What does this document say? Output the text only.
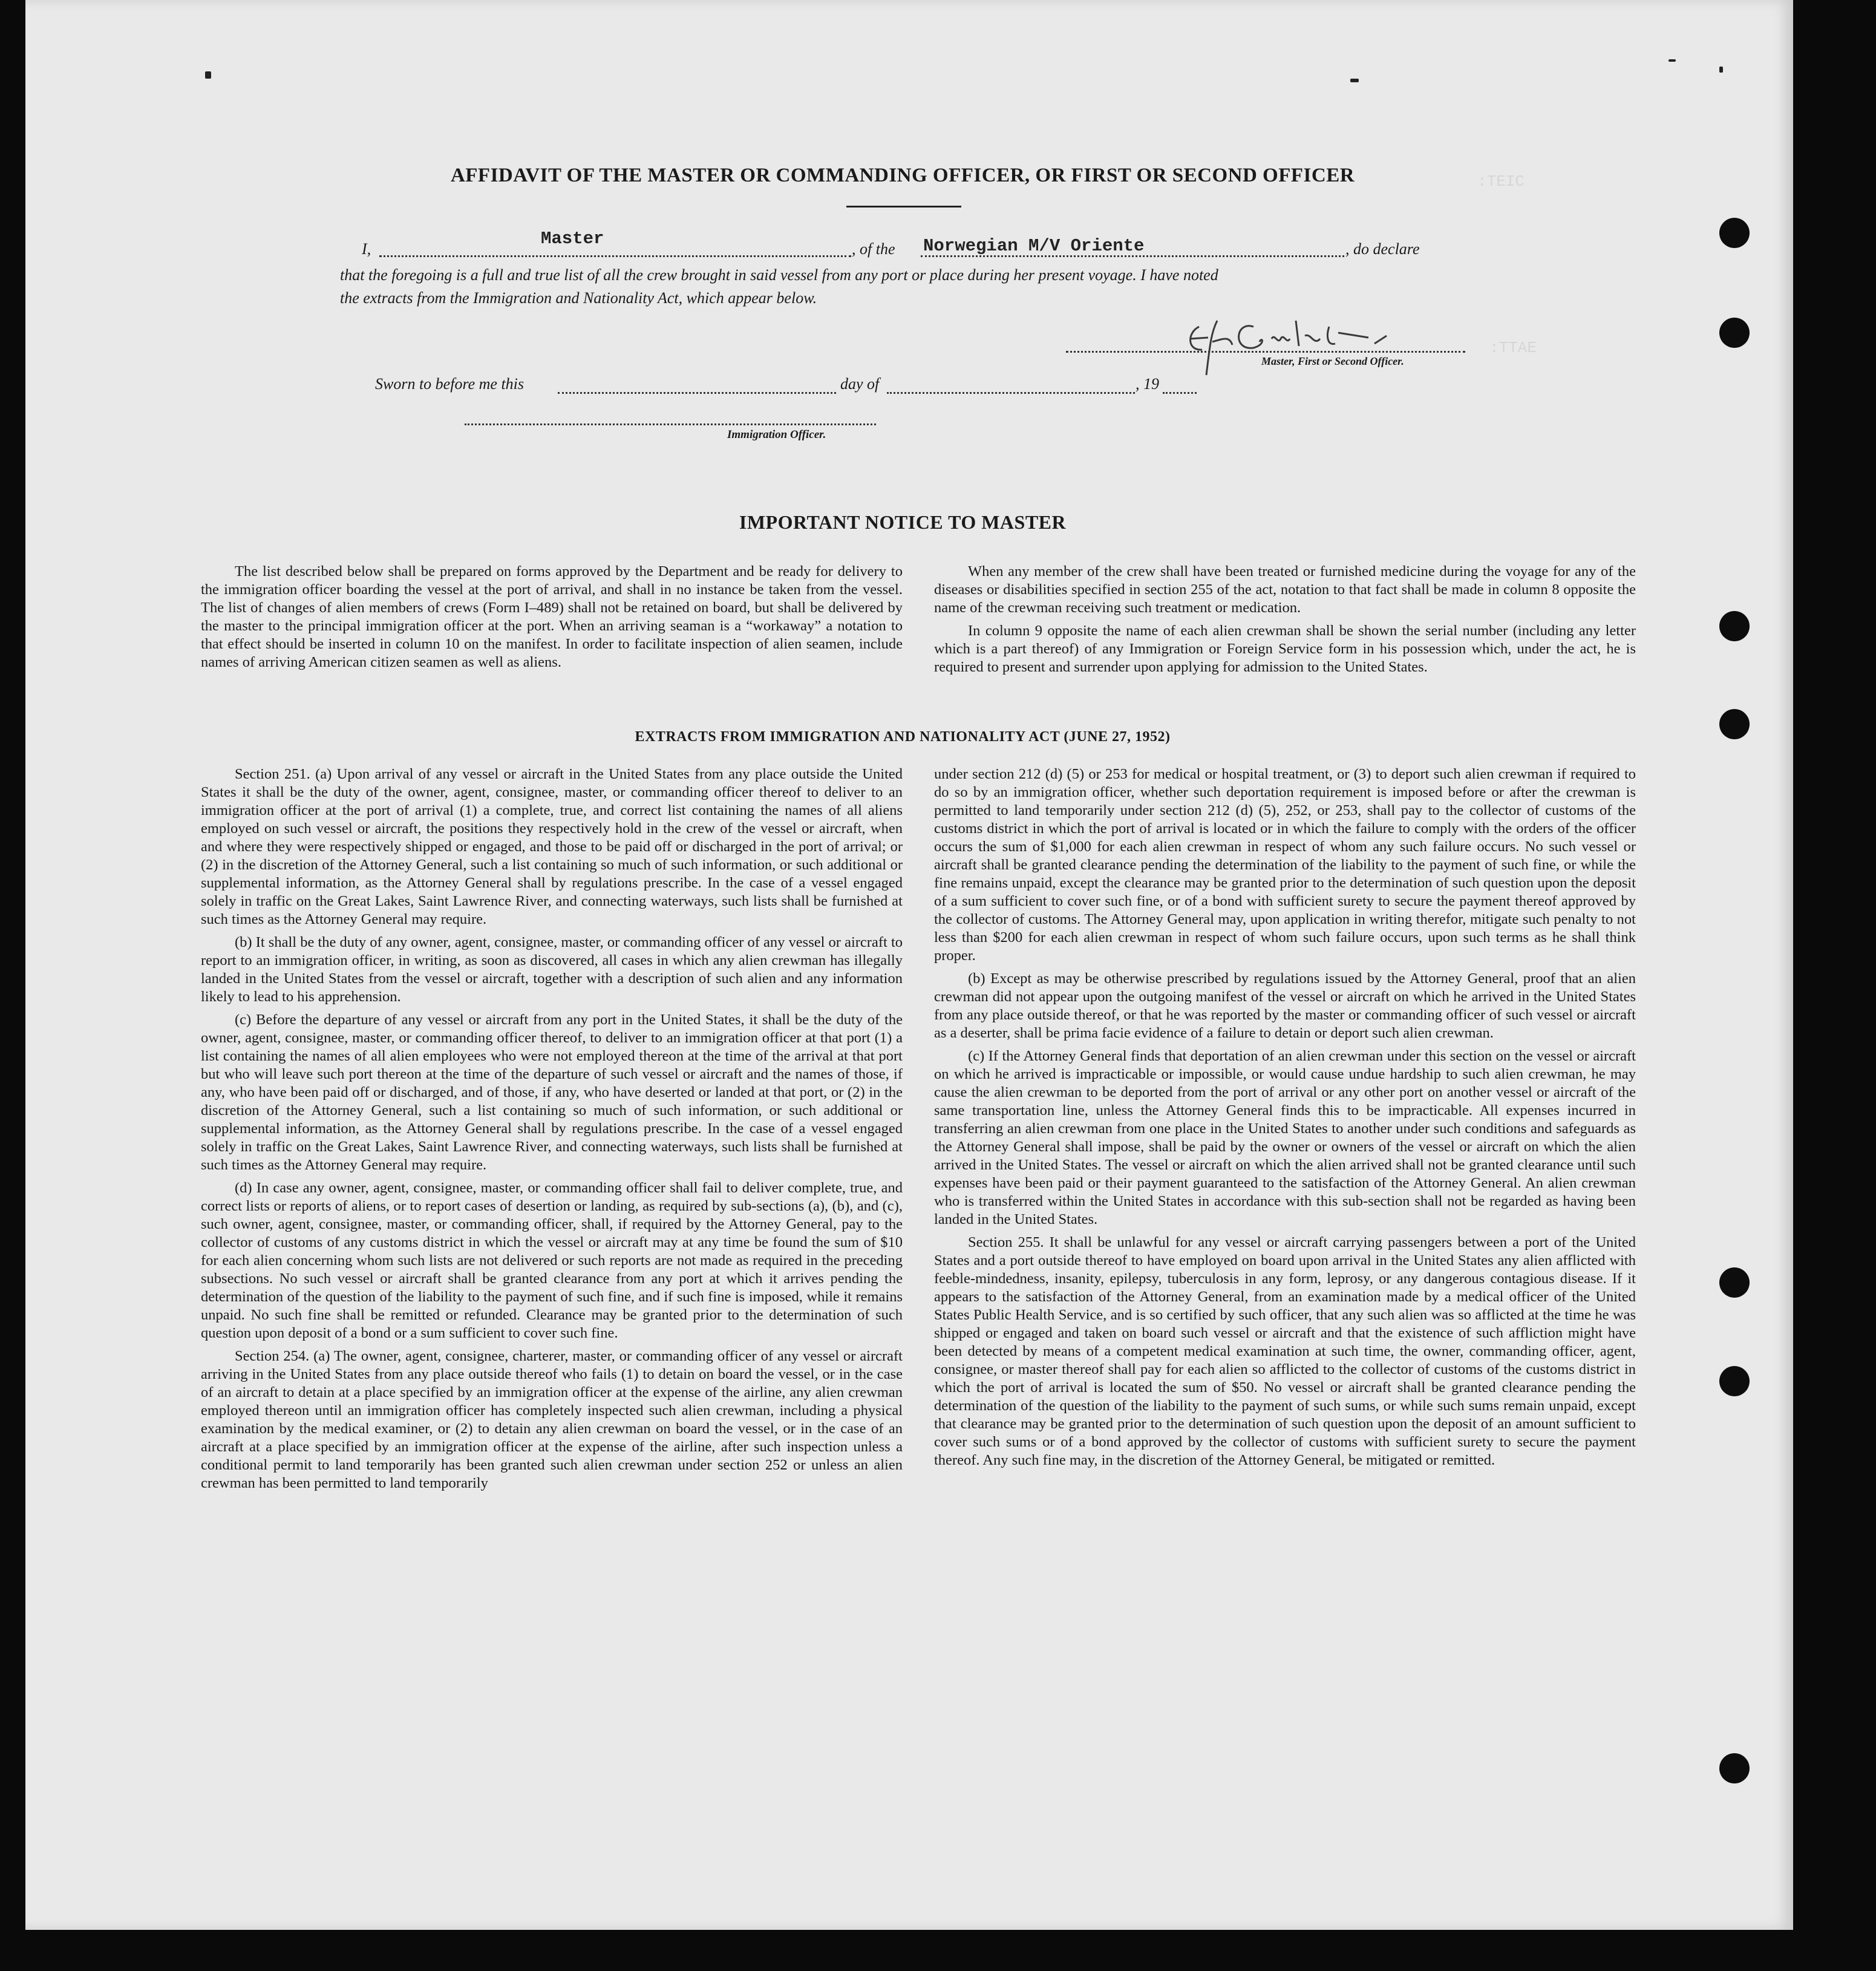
:TEIC
:TTAE
AFFIDAVIT OF THE MASTER OR COMMANDING OFFICER, OR FIRST OR SECOND OFFICER
I,
Master
, of the Norwegian M/V Oriente	, do declare
that the foregoing is a full and true list of all the crew brought in said vessel from any port or place during her present voyage. I have noted
the extracts from the Immigration and Nationality Act, which appear below.
Master, First or Second Officer.
Sworn to before me this	day of	, 19
Immigration Officer.
IMPORTANT NOTICE TO MASTER

The list described below shall be prepared on forms approved by the Department and be ready for delivery to the immigration officer boarding the vessel at the port of arrival, and shall in no instance be taken from the vessel. The list of changes of alien members of crews (Form I–489) shall not be retained on board, but shall be delivered by the master to the principal immigration officer at the port. When an arriving seaman is a “workaway” a notation to that effect should be inserted in column 10 on the manifest. In order to facilitate inspection of alien seamen, include names of arriving American citizen seamen as well as aliens.

When any member of the crew shall have been treated or furnished medicine during the voyage for any of the diseases or disabilities specified in section 255 of the act, notation to that fact shall be made in column 8 opposite the name of the crewman receiving such treatment or medication.

In column 9 opposite the name of each alien crewman shall be shown the serial number (including any letter which is a part thereof) of any Immigration or Foreign Service form in his possession which, under the act, he is required to present and surrender upon applying for admission to the United States.

EXTRACTS FROM IMMIGRATION AND NATIONALITY ACT (JUNE 27, 1952)

Section 251. (a) Upon arrival of any vessel or aircraft in the United States from any place outside the United States it shall be the duty of the owner, agent, consignee, master, or commanding officer thereof to deliver to an immigration officer at the port of arrival (1) a complete, true, and correct list containing the names of all aliens employed on such vessel or aircraft, the positions they respectively hold in the crew of the vessel or aircraft, when and where they were respectively shipped or engaged, and those to be paid off or discharged in the port of arrival; or (2) in the discretion of the Attorney General, such a list containing so much of such information, or such additional or supplemental information, as the Attorney General shall by regulations prescribe. In the case of a vessel engaged solely in traffic on the Great Lakes, Saint Lawrence River, and connecting waterways, such lists shall be furnished at such times as the Attorney General may require.

(b) It shall be the duty of any owner, agent, consignee, master, or commanding officer of any vessel or aircraft to report to an immigration officer, in writing, as soon as discovered, all cases in which any alien crewman has illegally landed in the United States from the vessel or aircraft, together with a description of such alien and any information likely to lead to his apprehension.

(c) Before the departure of any vessel or aircraft from any port in the United States, it shall be the duty of the owner, agent, consignee, master, or commanding officer thereof, to deliver to an immigration officer at that port (1) a list containing the names of all alien employees who were not employed thereon at the time of the arrival at that port but who will leave such port thereon at the time of the departure of such vessel or aircraft and the names of those, if any, who have been paid off or discharged, and of those, if any, who have deserted or landed at that port, or (2) in the discretion of the Attorney General, such a list containing so much of such information, or such additional or supplemental information, as the Attorney General shall by regulations prescribe. In the case of a vessel engaged solely in traffic on the Great Lakes, Saint Lawrence River, and connecting waterways, such lists shall be furnished at such times as the Attorney General may require.

(d) In case any owner, agent, consignee, master, or commanding officer shall fail to deliver complete, true, and correct lists or reports of aliens, or to report cases of desertion or landing, as required by sub-sections (a), (b), and (c), such owner, agent, consignee, master, or commanding officer, shall, if required by the Attorney General, pay to the collector of customs of any customs district in which the vessel or aircraft may at any time be found the sum of $10 for each alien concerning whom such lists are not delivered or such reports are not made as required in the preceding subsections. No such vessel or aircraft shall be granted clearance from any port at which it arrives pending the determination of the question of the liability to the payment of such fine, and if such fine is imposed, while it remains unpaid. No such fine shall be remitted or refunded. Clearance may be granted prior to the determination of such question upon deposit of a bond or a sum sufficient to cover such fine.

Section 254. (a) The owner, agent, consignee, charterer, master, or commanding officer of any vessel or aircraft arriving in the United States from any place outside thereof who fails (1) to detain on board the vessel, or in the case of an aircraft to detain at a place specified by an immigration officer at the expense of the airline, any alien crewman employed thereon until an immigration officer has completely inspected such alien crewman, including a physical examination by the medical examiner, or (2) to detain any alien crewman on board the vessel, or in the case of an aircraft at a place specified by an immigration officer at the expense of the airline, after such inspection unless a conditional permit to land temporarily has been granted such alien crewman under section 252 or unless an alien crewman has been permitted to land temporarily

under section 212 (d) (5) or 253 for medical or hospital treatment, or (3) to deport such alien crewman if required to do so by an immigration officer, whether such deportation requirement is imposed before or after the crewman is permitted to land temporarily under section 212 (d) (5), 252, or 253, shall pay to the collector of customs of the customs district in which the port of arrival is located or in which the failure to comply with the orders of the officer occurs the sum of $1,000 for each alien crewman in respect of whom any such failure occurs. No such vessel or aircraft shall be granted clearance pending the determination of the liability to the payment of such fine, or while the fine remains unpaid, except the clearance may be granted prior to the determination of such question upon the deposit of a sum sufficient to cover such fine, or of a bond with sufficient surety to secure the payment thereof approved by the collector of customs. The Attorney General may, upon application in writing therefor, mitigate such penalty to not less than $200 for each alien crewman in respect of whom such failure occurs, upon such terms as he shall think proper.

(b) Except as may be otherwise prescribed by regulations issued by the Attorney General, proof that an alien crewman did not appear upon the outgoing manifest of the vessel or aircraft on which he arrived in the United States from any place outside thereof, or that he was reported by the master or commanding officer of such vessel or aircraft as a deserter, shall be prima facie evidence of a failure to detain or deport such alien crewman.

(c) If the Attorney General finds that deportation of an alien crewman under this section on the vessel or aircraft on which he arrived is impracticable or impossible, or would cause undue hardship to such alien crewman, he may cause the alien crewman to be deported from the port of arrival or any other port on another vessel or aircraft of the same transportation line, unless the Attorney General finds this to be impracticable. All expenses incurred in transferring an alien crewman from one place in the United States to another under such conditions and safeguards as the Attorney General shall impose, shall be paid by the owner or owners of the vessel or aircraft on which the alien arrived in the United States. The vessel or aircraft on which the alien arrived shall not be granted clearance until such expenses have been paid or their payment guaranteed to the satisfaction of the Attorney General. An alien crewman who is transferred within the United States in accordance with this sub-section shall not be regarded as having been landed in the United States.

Section 255. It shall be unlawful for any vessel or aircraft carrying passengers between a port of the United States and a port outside thereof to have employed on board upon arrival in the United States any alien afflicted with feeble-mindedness, insanity, epilepsy, tuberculosis in any form, leprosy, or any dangerous contagious disease. If it appears to the satisfaction of the Attorney General, from an examination made by a medical officer of the United States Public Health Service, and is so certified by such officer, that any such alien was so afflicted at the time he was shipped or engaged and taken on board such vessel or aircraft and that the existence of such affliction might have been detected by means of a competent medical examination at such time, the owner, commanding officer, agent, consignee, or master thereof shall pay for each alien so afflicted to the collector of customs of the customs district in which the port of arrival is located the sum of $50. No vessel or aircraft shall be granted clearance pending the determination of the question of the liability to the payment of such sums, or while such sums remain unpaid, except that clearance may be granted prior to the determination of such question upon the deposit of an amount sufficient to cover such sums or of a bond approved by the collector of customs with sufficient surety to secure the payment thereof. Any such fine may, in the discretion of the Attorney General, be mitigated or remitted.
